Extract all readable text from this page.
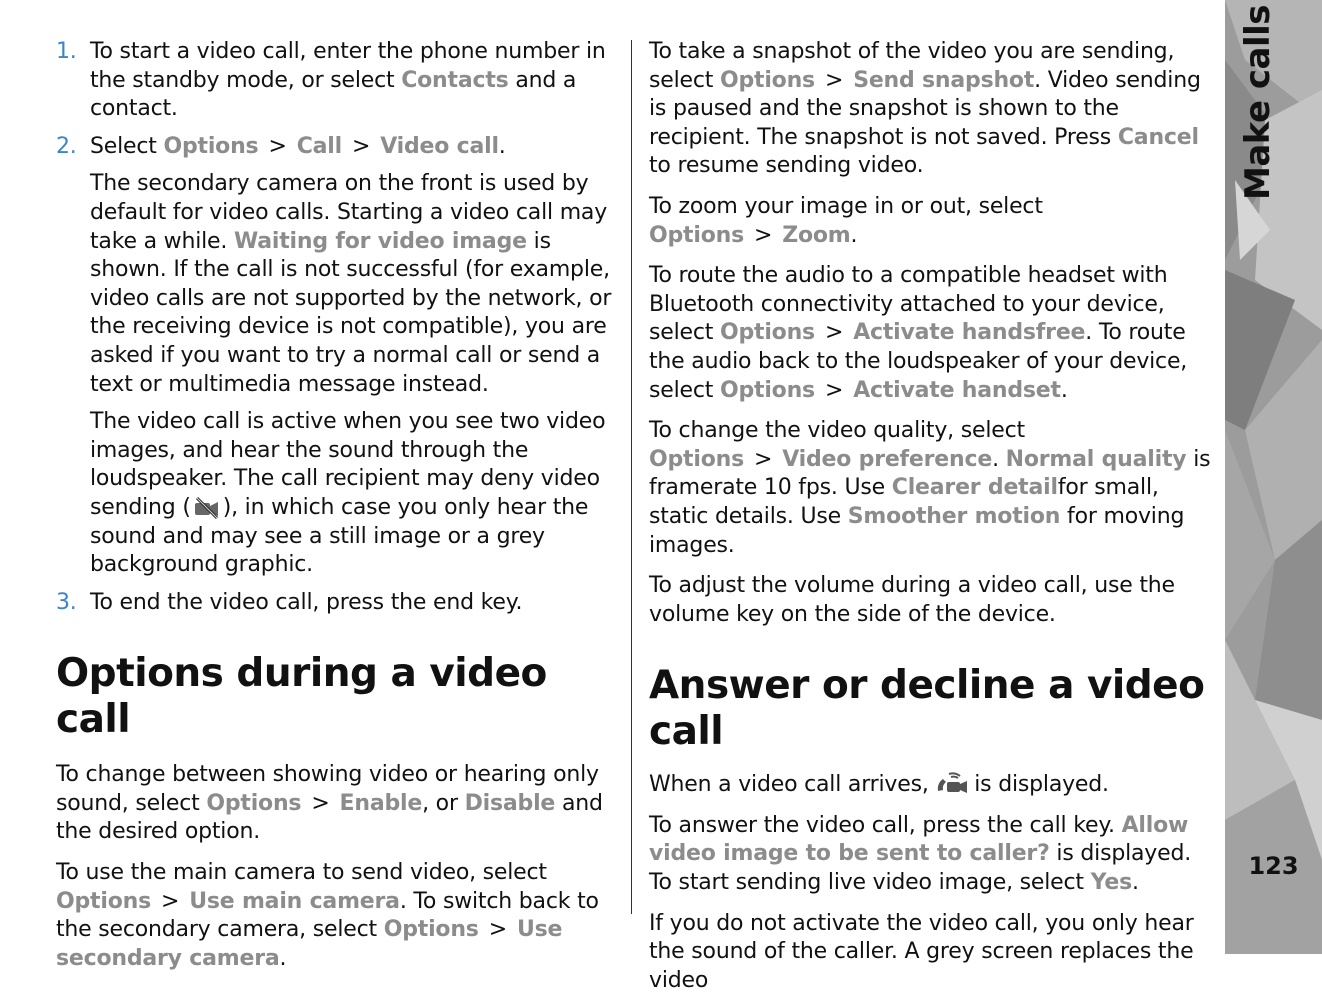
1. To start a video call, enter the phone number in the standby mode, or select Contacts and a contact.

2. Select Options > Call > Video call.

The secondary camera on the front is used by default for video calls. Starting a video call may take a while. Waiting for video image is shown. If the call is not successful (for example, video calls are not supported by the network, or the receiving device is not compatible), you are asked if you want to try a normal call or send a text or multimedia message instead.

The video call is active when you see two video images, and hear the sound through the loudspeaker. The call recipient may deny video sending ( ), in which case you only hear the sound and may see a still image or a grey background graphic.

3. To end the video call, press the end key.

Options during a video call

To change between showing video or hearing only sound, select Options > Enable, or Disable and the desired option.

To use the main camera to send video, select Options > Use main camera. To switch back to the secondary camera, select Options > Use secondary camera.

To take a snapshot of the video you are sending, select Options > Send snapshot. Video sending is paused and the snapshot is shown to the recipient. The snapshot is not saved. Press Cancel to resume sending video.

To zoom your image in or out, select Options > Zoom.

To route the audio to a compatible headset with Bluetooth connectivity attached to your device, select Options > Activate handsfree. To route the audio back to the loudspeaker of your device, select Options > Activate handset.

To change the video quality, select Options > Video preference. Normal quality is framerate 10 fps. Use Clearer detailfor small, static details. Use Smoother motion for moving images.

To adjust the volume during a video call, use the volume key on the side of the device.

Answer or decline a video call

When a video call arrives,  is displayed.

To answer the video call, press the call key. Allow video image to be sent to caller? is displayed. To start sending live video image, select Yes.

If you do not activate the video call, you only hear the sound of the caller. A grey screen replaces the video

Make calls
123
